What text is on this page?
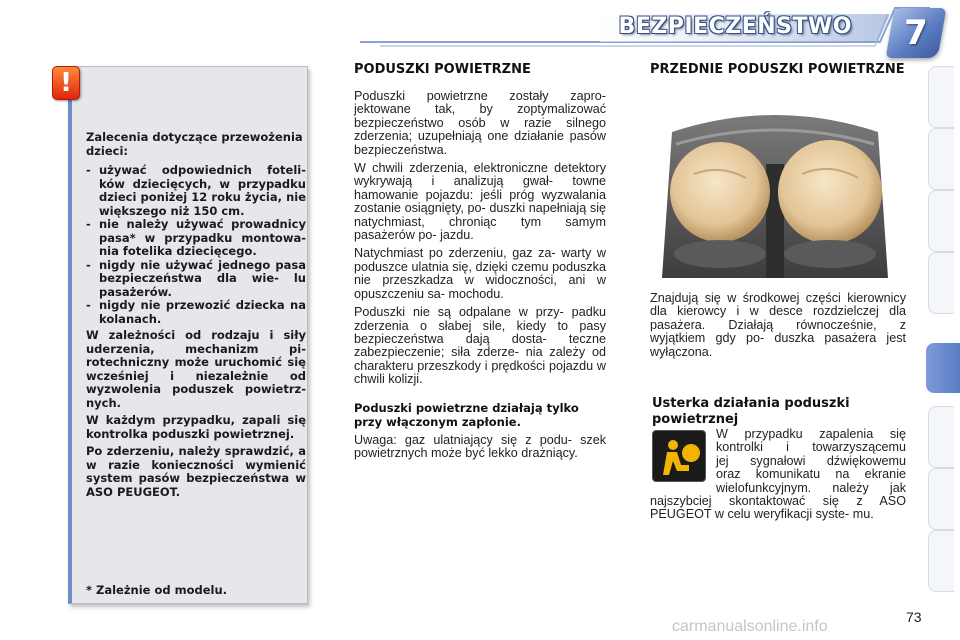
BEZPIECZEŃSTWO	7
!
Zalecenia dotyczące przewożenia dzieci:
- używać odpowiednich foteli- ków dziecięcych, w przypadku dzieci poniżej 12 roku życia, nie większego niż 150 cm.
- nie należy używać prowadnicy pasa* w przypadku montowa- nia fotelika dziecięcego.
- nigdy nie używać jednego pasa bezpieczeństwa dla wie- lu pasażerów.
- nigdy nie przewozić dziecka na kolanach.

W zależności od rodzaju i siły uderzenia, mechanizm pi- rotechniczny może uruchomić się wcześniej i niezależnie od wyzwolenia poduszek powietrz- nych.

W każdym przypadku, zapali się kontrolka poduszki powietrznej.

Po zderzeniu, należy sprawdzić, a w razie konieczności wymienić system pasów bezpieczeństwa w ASO PEUGEOT.

* Zależnie od modelu.
PODUSZKI POWIETRZNE

Poduszki powietrzne zostały zapro- jektowane tak, by zoptymalizować bezpieczeństwo osób w razie silnego zderzenia; uzupełniają one działanie pasów bezpieczeństwa.

W chwili zderzenia, elektroniczne detektory wykrywają i analizują gwał- towne hamowanie pojazdu: jeśli próg wyzwalania zostanie osiągnięty, po- duszki napełniają się natychmiast, chroniąc tym samym pasażerów po- jazdu.

Natychmiast po zderzeniu, gaz za- warty w poduszce ulatnia się, dzięki czemu poduszka nie przeszkadza w widoczności, ani w opuszczeniu sa- mochodu.

Poduszki nie są odpalane w przy- padku zderzenia o słabej sile, kiedy to pasy bezpieczeństwa dają dosta- teczne zabezpieczenie; siła zderze- nia zależy od charakteru przeszkody i prędkości pojazdu w chwili kolizji.

Poduszki powietrzne działają tylko przy włączonym zapłonie.

Uwaga: gaz ulatniający się z podu- szek powietrznych może być lekko drażniący.

PRZEDNIE PODUSZKI POWIETRZNE

Znajdują się w środkowej części kierownicy dla kierowcy i w desce rozdzielczej dla pasażera. Działają równocześnie, z wyjątkiem gdy po- duszka pasażera jest wyłączona.

Usterka działania poduszki powietrznej
W przypadku zapalenia się
kontrolki i towarzyszącemu
jej sygnałowi dźwiękowemu
oraz komunikatu na ekranie
wielofunkcyjnym. należy jak

najszybciej skontaktować się z ASO PEUGEOT w celu weryfikacji syste- mu.

73
carmanualsonline.info
